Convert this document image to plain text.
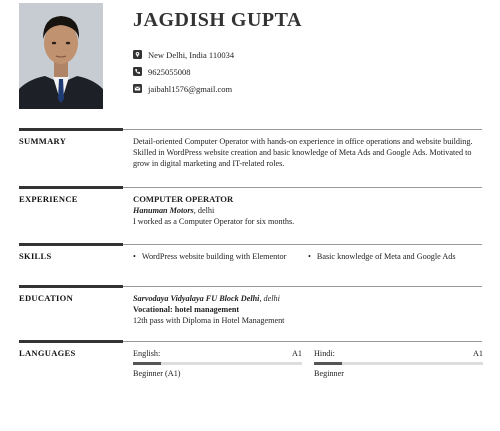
JAGDISH GUPTA
New Delhi, India 110034
9625055008
jaibahl1576@gmail.com
SUMMARY	Detail-oriented Computer Operator with hands-on experience in office operations and website building. Skilled in WordPress website creation and basic knowledge of Meta Ads and Google Ads. Motivated to grow in digital marketing and IT-related roles.
EXPERIENCE	COMPUTER OPERATOR
Hanuman Motors, delhi
I worked as a Computer Operator for six months.
SKILLS	• WordPress website building with Elementor	• Basic knowledge of Meta and Google Ads
EDUCATION	Sarvodaya Vidyalaya FU Block Delhi, delhi
Vocational: hotel management
12th pass with Diploma in Hotel Management
LANGUAGES	English:	A1
Beginner (A1)
Hindi:	A1
Beginner
